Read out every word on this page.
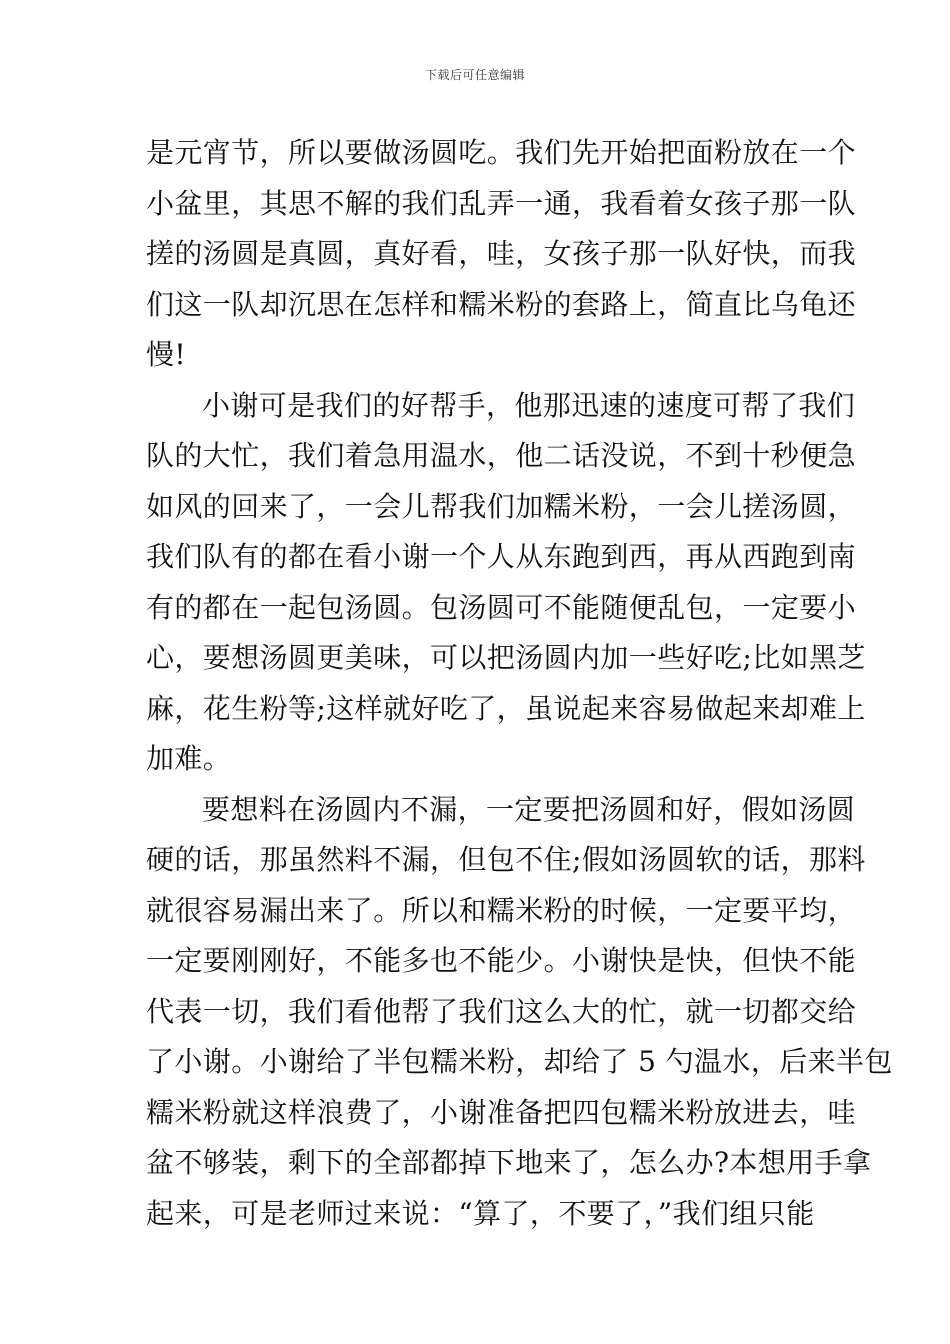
下载后可任意编辑
是元宵节，所以要做汤圆吃。我们先开始把面粉放在一个
小盆里，其思不解的我们乱弄一通，我看着女孩子那一队
搓的汤圆是真圆，真好看，哇，女孩子那一队好快，而我
们这一队却沉思在怎样和糯米粉的套路上，简直比乌龟还
慢!
小谢可是我们的好帮手，他那迅速的速度可帮了我们
队的大忙，我们着急用温水，他二话没说，不到十秒便急
如风的回来了，一会儿帮我们加糯米粉，一会儿搓汤圆，
我们队有的都在看小谢一个人从东跑到西，再从西跑到南
有的都在一起包汤圆。包汤圆可不能随便乱包，一定要小
心，要想汤圆更美味，可以把汤圆内加一些好吃;比如黑芝
麻，花生粉等;这样就好吃了，虽说起来容易做起来却难上
加难。
要想料在汤圆内不漏，一定要把汤圆和好，假如汤圆
硬的话，那虽然料不漏，但包不住;假如汤圆软的话，那料
就很容易漏出来了。所以和糯米粉的时候，一定要平均，
一定要刚刚好，不能多也不能少。小谢快是快，但快不能
代表一切，我们看他帮了我们这么大的忙，就一切都交给
了小谢。小谢给了半包糯米粉，却给了 5 勺温水，后来半包
糯米粉就这样浪费了，小谢准备把四包糯米粉放进去，哇
盆不够装，剩下的全部都掉下地来了，怎么办?本想用手拿
起来，可是老师过来说：“算了，不要了，”我们组只能
